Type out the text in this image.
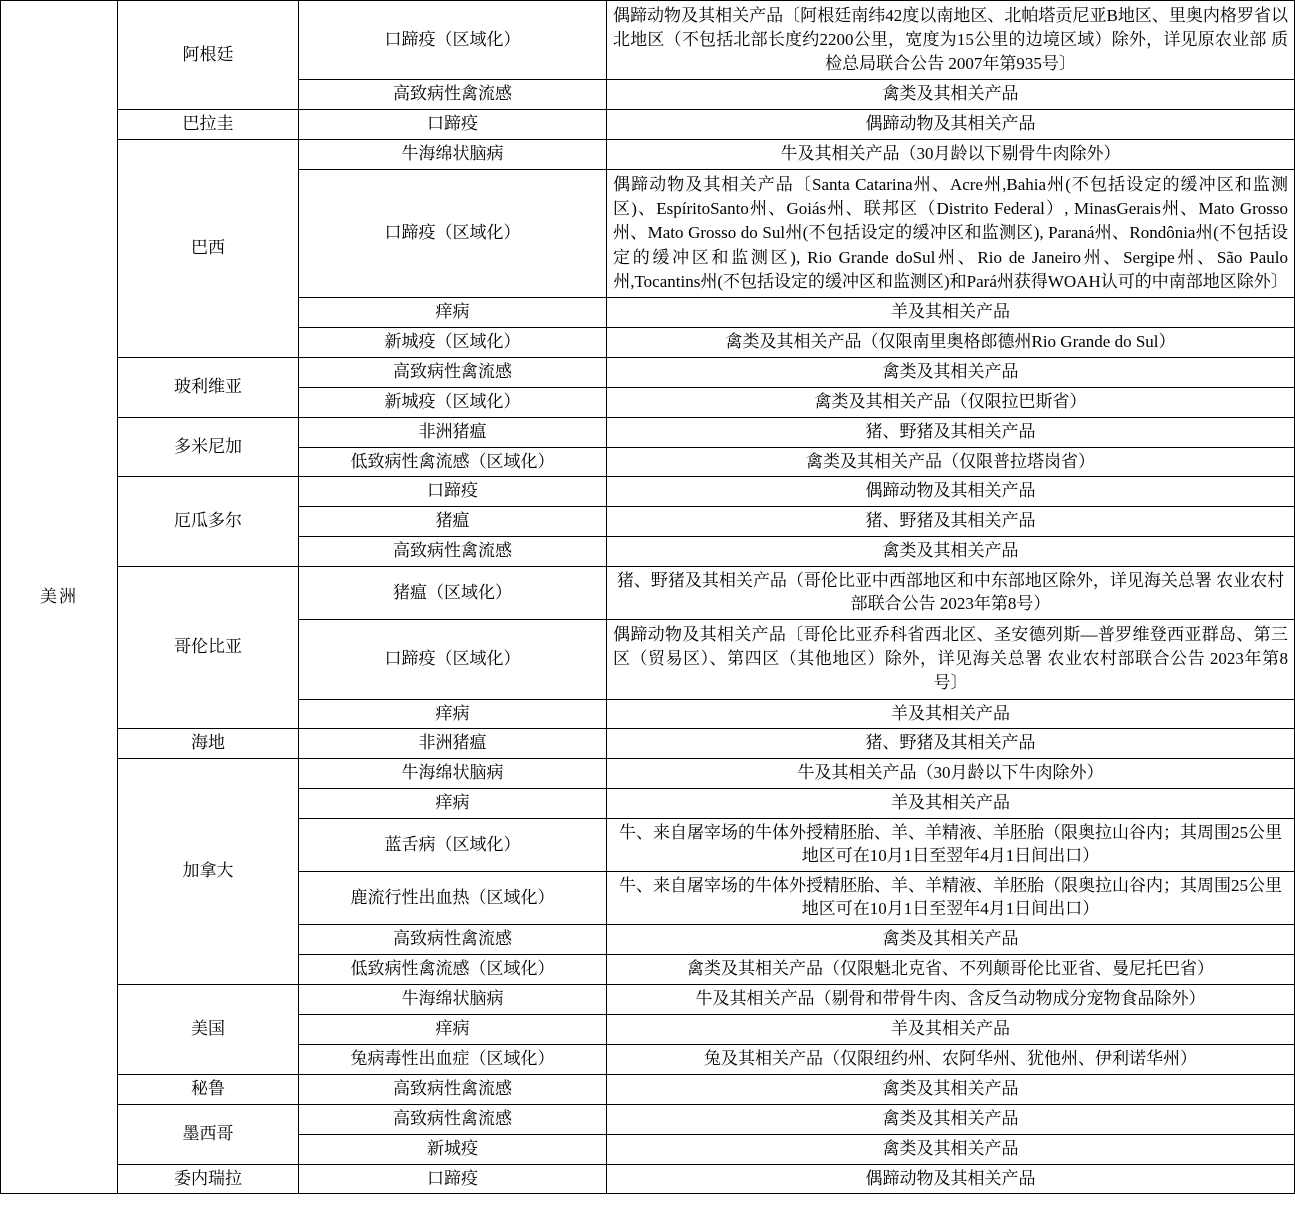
美洲	阿根廷	口蹄疫（区域化）	偶蹄动物及其相关产品〔阿根廷南纬42度以南地区、北帕塔贡尼亚B地区、里奥内格罗省以北地区（不包括北部长度约2200公里，宽度为15公里的边境区域）除外，详见原农业部 质检总局联合公告 2007年第935号〕
		高致病性禽流感	禽类及其相关产品
	巴拉圭	口蹄疫	偶蹄动物及其相关产品
	巴西	牛海绵状脑病	牛及其相关产品（30月龄以下剔骨牛肉除外）
		口蹄疫（区域化）	偶蹄动物及其相关产品〔Santa Catarina州、Acre州,Bahia州(不包括设定的缓冲区和监测区)、EspíritoSanto州、Goiás州、联邦区（Distrito Federal）, MinasGerais州、Mato Grosso州、Mato Grosso do Sul州(不包括设定的缓冲区和监测区), Paraná州、Rondônia州(不包括设定的缓冲区和监测区), Rio Grande doSul州、Rio de Janeiro州、Sergipe州、São Paulo州,Tocantins州(不包括设定的缓冲区和监测区)和Pará州获得WOAH认可的中南部地区除外〕
		痒病	羊及其相关产品
		新城疫（区域化）	禽类及其相关产品（仅限南里奥格郎德州Rio Grande do Sul）
	玻利维亚	高致病性禽流感	禽类及其相关产品
		新城疫（区域化）	禽类及其相关产品（仅限拉巴斯省）
	多米尼加	非洲猪瘟	猪、野猪及其相关产品
		低致病性禽流感（区域化）	禽类及其相关产品（仅限普拉塔岗省）
	厄瓜多尔	口蹄疫	偶蹄动物及其相关产品
		猪瘟	猪、野猪及其相关产品
		高致病性禽流感	禽类及其相关产品
	哥伦比亚	猪瘟（区域化）	猪、野猪及其相关产品（哥伦比亚中西部地区和中东部地区除外，详见海关总署 农业农村部联合公告 2023年第8号）
		口蹄疫（区域化）	偶蹄动物及其相关产品〔哥伦比亚乔科省西北区、圣安德列斯—普罗维登西亚群岛、第三区（贸易区）、第四区（其他地区）除外，详见海关总署 农业农村部联合公告 2023年第8号〕
		痒病	羊及其相关产品
	海地	非洲猪瘟	猪、野猪及其相关产品
	加拿大	牛海绵状脑病	牛及其相关产品（30月龄以下牛肉除外）
		痒病	羊及其相关产品
		蓝舌病（区域化）	牛、来自屠宰场的牛体外授精胚胎、羊、羊精液、羊胚胎（限奥拉山谷内；其周围25公里地区可在10月1日至翌年4月1日间出口）
		鹿流行性出血热（区域化）	牛、来自屠宰场的牛体外授精胚胎、羊、羊精液、羊胚胎（限奥拉山谷内；其周围25公里地区可在10月1日至翌年4月1日间出口）
		高致病性禽流感	禽类及其相关产品
		低致病性禽流感（区域化）	禽类及其相关产品（仅限魁北克省、不列颠哥伦比亚省、曼尼托巴省）
	美国	牛海绵状脑病	牛及其相关产品（剔骨和带骨牛肉、含反刍动物成分宠物食品除外）
		痒病	羊及其相关产品
		兔病毒性出血症（区域化）	兔及其相关产品（仅限纽约州、农阿华州、犹他州、伊利诺华州）
	秘鲁	高致病性禽流感	禽类及其相关产品
	墨西哥	高致病性禽流感	禽类及其相关产品
		新城疫	禽类及其相关产品
	委内瑞拉	口蹄疫	偶蹄动物及其相关产品
